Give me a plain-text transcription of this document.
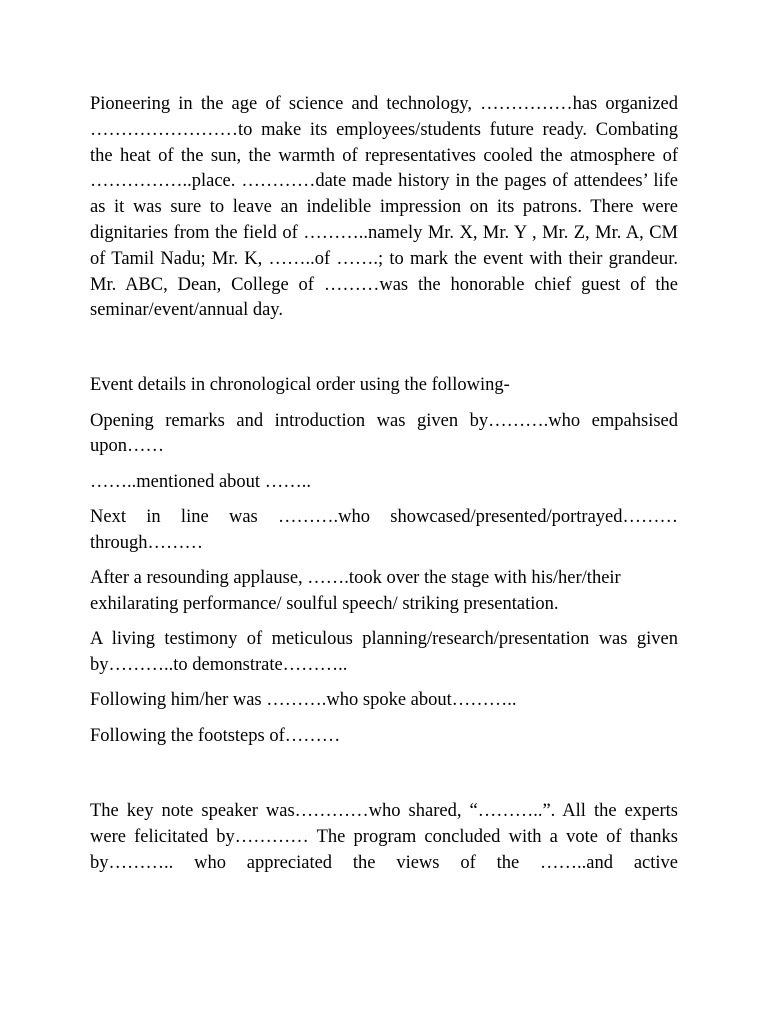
Pioneering in the age of science and technology, ……………has organized ……………………to make its employees/students future ready. Combating the heat of the sun, the warmth of representatives cooled the atmosphere of ……………..place. …………date made history in the pages of attendees’ life as it was sure to leave an indelible impression on its patrons. There were dignitaries from the field of ………..namely Mr. X, Mr. Y , Mr. Z, Mr. A, CM of Tamil Nadu; Mr. K, ……..of …….; to mark the event with their grandeur. Mr. ABC, Dean, College of ………was the honorable chief guest of the seminar/event/annual day.

Event details in chronological order using the following-

Opening remarks and introduction was given by……….who empahsised upon……

……..mentioned about ……..

Next in line was ……….who showcased/presented/portrayed……… through………

After a resounding applause, …….took over the stage with his/her/their exhilarating performance/ soulful speech/ striking presentation.

A living testimony of meticulous planning/research/presentation was given by………..to demonstrate………..

Following him/her was ……….who spoke about………..

Following the footsteps of………

The key note speaker was…………who shared, “………..”. All the experts were felicitated by………… The program concluded with a vote of thanks by……….. who appreciated the views of the ……..and active
